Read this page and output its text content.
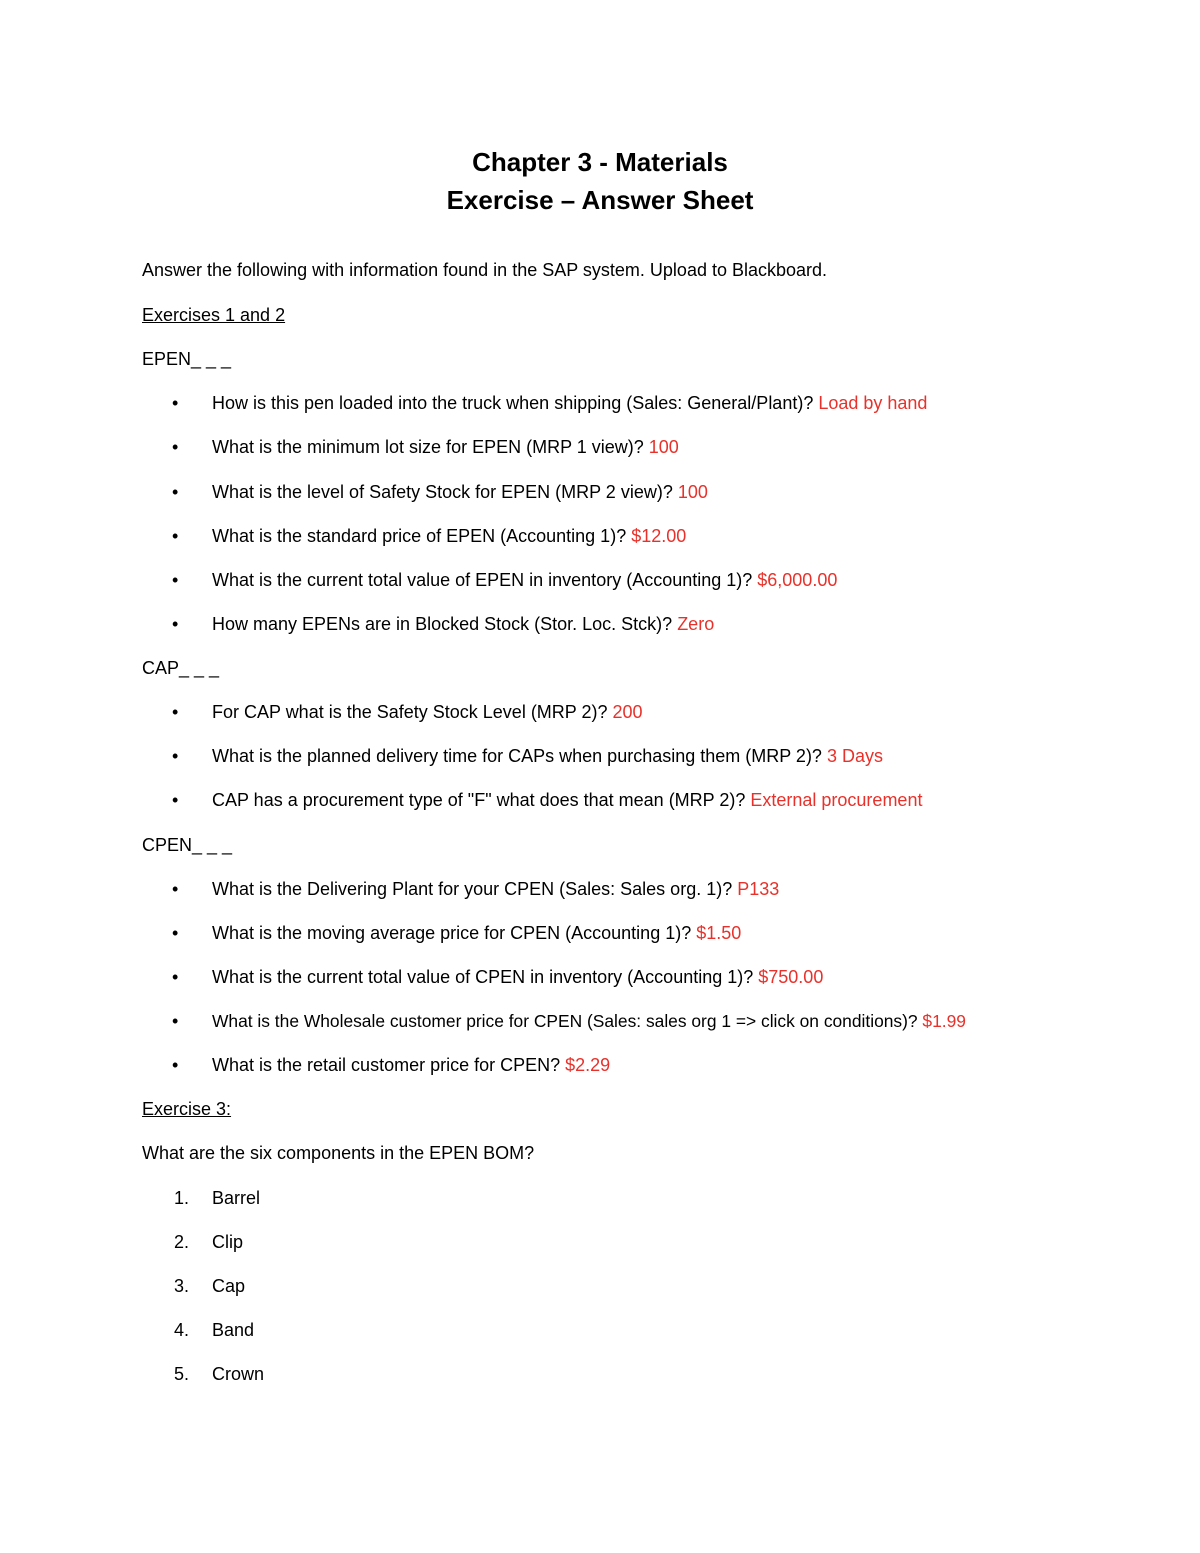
Chapter 3 - Materials
Exercise – Answer Sheet
Answer the following with information found in the SAP system. Upload to Blackboard.
Exercises 1 and 2
EPEN_ _ _
•	How is this pen loaded into the truck when shipping (Sales: General/Plant)? Load by hand
•	What is the minimum lot size for EPEN (MRP 1 view)? 100
•	What is the level of Safety Stock for EPEN (MRP 2 view)? 100
•	What is the standard price of EPEN (Accounting 1)? $12.00
•	What is the current total value of EPEN in inventory (Accounting 1)? $6,000.00
•	How many EPENs are in Blocked Stock (Stor. Loc. Stck)? Zero
CAP_ _ _
•	For CAP what is the Safety Stock Level (MRP 2)? 200
•	What is the planned delivery time for CAPs when purchasing them (MRP 2)? 3 Days
•	CAP has a procurement type of "F" what does that mean (MRP 2)? External procurement
CPEN_ _ _
•	What is the Delivering Plant for your CPEN (Sales: Sales org. 1)? P133
•	What is the moving average price for CPEN (Accounting 1)? $1.50
•	What is the current total value of CPEN in inventory (Accounting 1)? $750.00
•	What is the Wholesale customer price for CPEN (Sales: sales org 1 => click on conditions)? $1.99
•	What is the retail customer price for CPEN? $2.29
Exercise 3:
What are the six components in the EPEN BOM?
1. Barrel
2. Clip
3. Cap
4. Band
5. Crown
